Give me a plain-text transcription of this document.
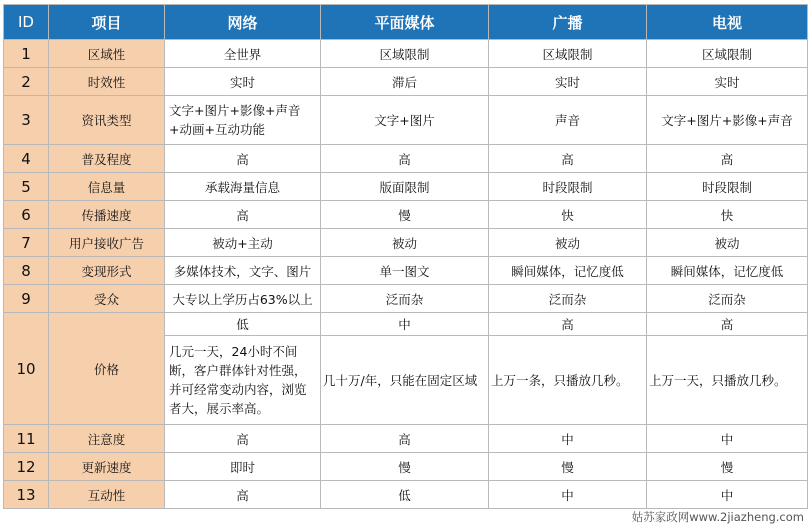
ID	项目	网络	平面媒体	广播	电视
1	区域性	全世界	区域限制	区域限制	区域限制
2	时效性	实时	滞后	实时	实时
3	资讯类型	文字+图片+影像+声音+动画+互动功能	文字+图片	声音	文字+图片+影像+声音
4	普及程度	高	高	高	高
5	信息量	承载海量信息	版面限制	时段限制	时段限制
6	传播速度	高	慢	快	快
7	用户接收广告	被动+主动	被动	被动	被动
8	变现形式	多媒体技术，文字、图片	单一图文	瞬间媒体，记忆度低	瞬间媒体，记忆度低
9	受众	大专以上学历占63%以上	泛而杂	泛而杂	泛而杂
10	价格	低	中	高	高
		几元一天，24小时不间断，客户群体针对性强，并可经常变动内容，浏览者大，展示率高。	几十万/年，只能在固定区域	上万一条，只播放几秒。	上万一天，只播放几秒。
11	注意度	高	高	中	中
12	更新速度	即时	慢	慢	慢
13	互动性	高	低	中	中
姑苏家政网www.2jiazheng.com
